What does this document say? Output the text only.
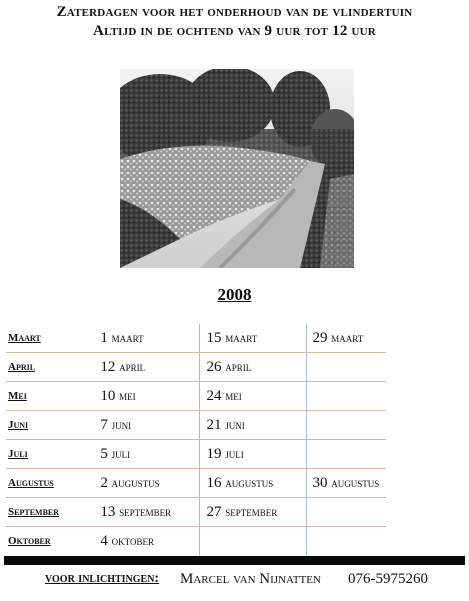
Zaterdagen voor het onderhoud van de vlindertuin
Altijd in de ochtend van 9 uur tot 12 uur
2008
Maart	1 maart	15 maart	29 maart
April	12 april	26 april	
Mei	10 mei	24 mei	
Juni	7 juni	21 juni	
Juli	5 juli	19 juli	
Augustus	2 augustus	16 augustus	30 augustus
September	13 september	27 september	
Oktober	4 oktober		
voor inlichtingen: Marcel van Nijnatten 076-5975260
